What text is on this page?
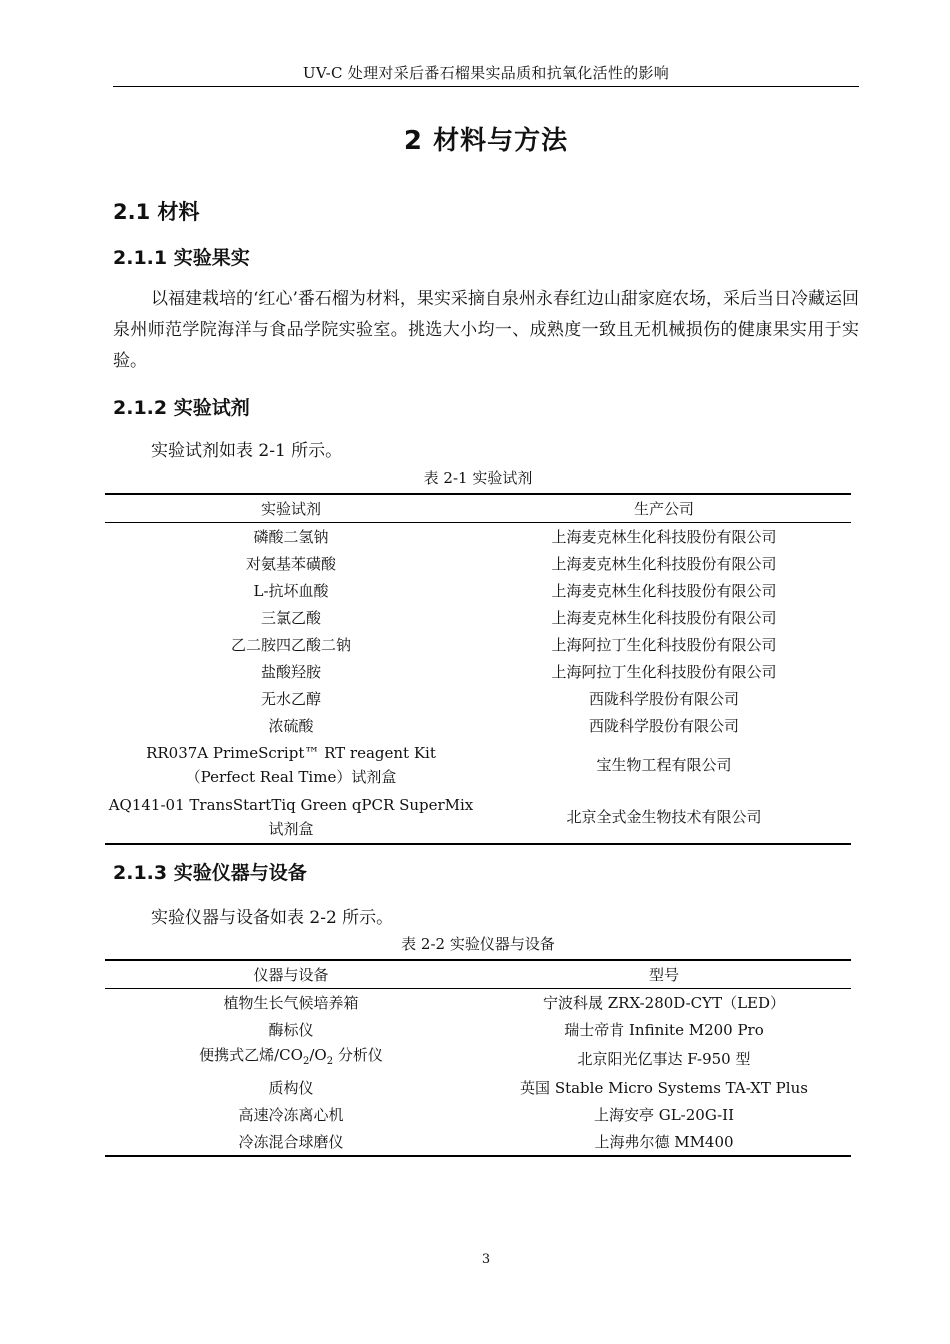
UV-C 处理对采后番石榴果实品质和抗氧化活性的影响
2 材料与方法
2.1 材料
2.1.1 实验果实
以福建栽培的‘红心’番石榴为材料，果实采摘自泉州永春红边山甜家庭农场，采后当日冷藏运回泉州师范学院海洋与食品学院实验室。挑选大小均一、成熟度一致且无机械损伤的健康果实用于实验。
2.1.2 实验试剂
实验试剂如表 2-1 所示。
表 2-1 实验试剂
实验试剂	生产公司
磷酸二氢钠	上海麦克林生化科技股份有限公司
对氨基苯磺酸	上海麦克林生化科技股份有限公司
L-抗坏血酸	上海麦克林生化科技股份有限公司
三氯乙酸	上海麦克林生化科技股份有限公司
乙二胺四乙酸二钠	上海阿拉丁生化科技股份有限公司
盐酸羟胺	上海阿拉丁生化科技股份有限公司
无水乙醇	西陇科学股份有限公司
浓硫酸	西陇科学股份有限公司

RR037A PrimeScript™ RT reagent Kit
（Perfect Real Time）试剂盒	宝生物工程有限公司

AQ141-01 TransStartTiq Green qPCR SuperMix
试剂盒	北京全式金生物技术有限公司
2.1.3 实验仪器与设备
实验仪器与设备如表 2-2 所示。
表 2-2 实验仪器与设备
仪器与设备	型号
植物生长气候培养箱	宁波科晟 ZRX-280D-CYT（LED）
酶标仪	瑞士帝肯 Infinite M200 Pro
便携式乙烯$/CO_2/O_2$ 分析仪	北京阳光亿事达 F-950 型
质构仪	英国 Stable Micro Systems TA-XT Plus
高速冷冻离心机	上海安亭 GL-20G-II
冷冻混合球磨仪	上海弗尔德 MM400
3
